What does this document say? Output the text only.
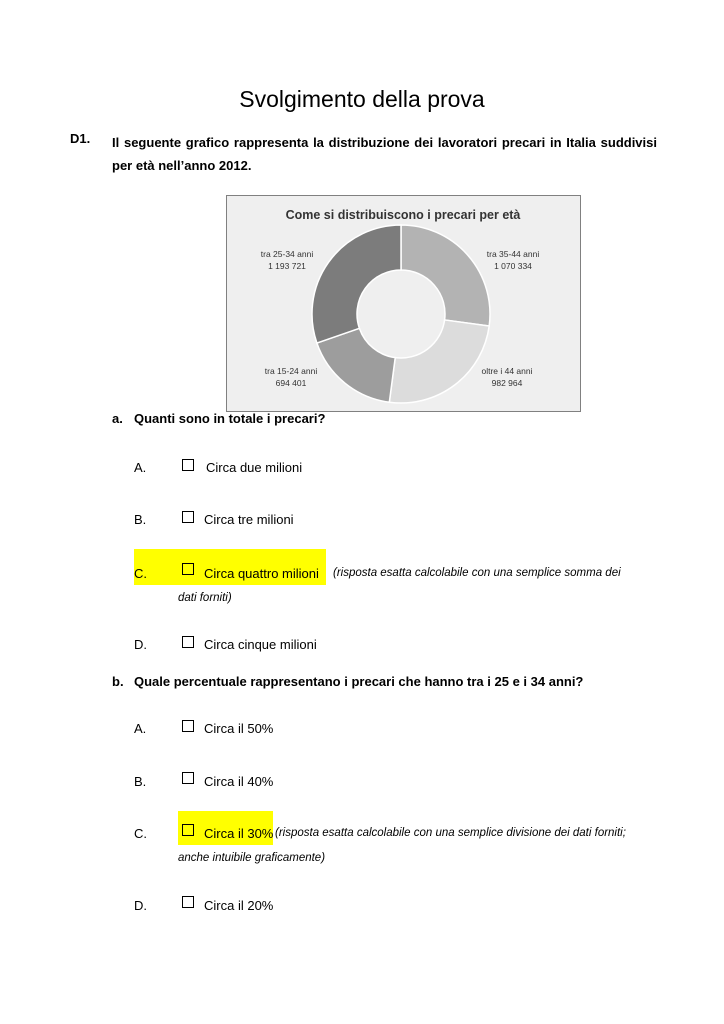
Svolgimento della prova
D1. Il seguente grafico rappresenta la distribuzione dei lavoratori precari in Italia suddivisi per età nell’anno 2012.
Come si distribuiscono i precari per età
tra 35-44 anni
1 070 334
oltre i 44 anni
982 964
tra 15-24 anni
694 401
tra 25-34 anni
1 193 721
a. Quanti sono in totale i precari?
A.	Circa due milioni
B.	Circa tre milioni
C.	Circa quattro milioni (risposta esatta calcolabile con una semplice somma dei
dati forniti)
D.	Circa cinque milioni
b. Quale percentuale rappresentano i precari che hanno tra i 25 e i 34 anni?
A.	Circa il 50%
B.	Circa il 40%
C.	Circa il 30% (risposta esatta calcolabile con una semplice divisione dei dati forniti;
anche intuibile graficamente)
D.	Circa il 20%
